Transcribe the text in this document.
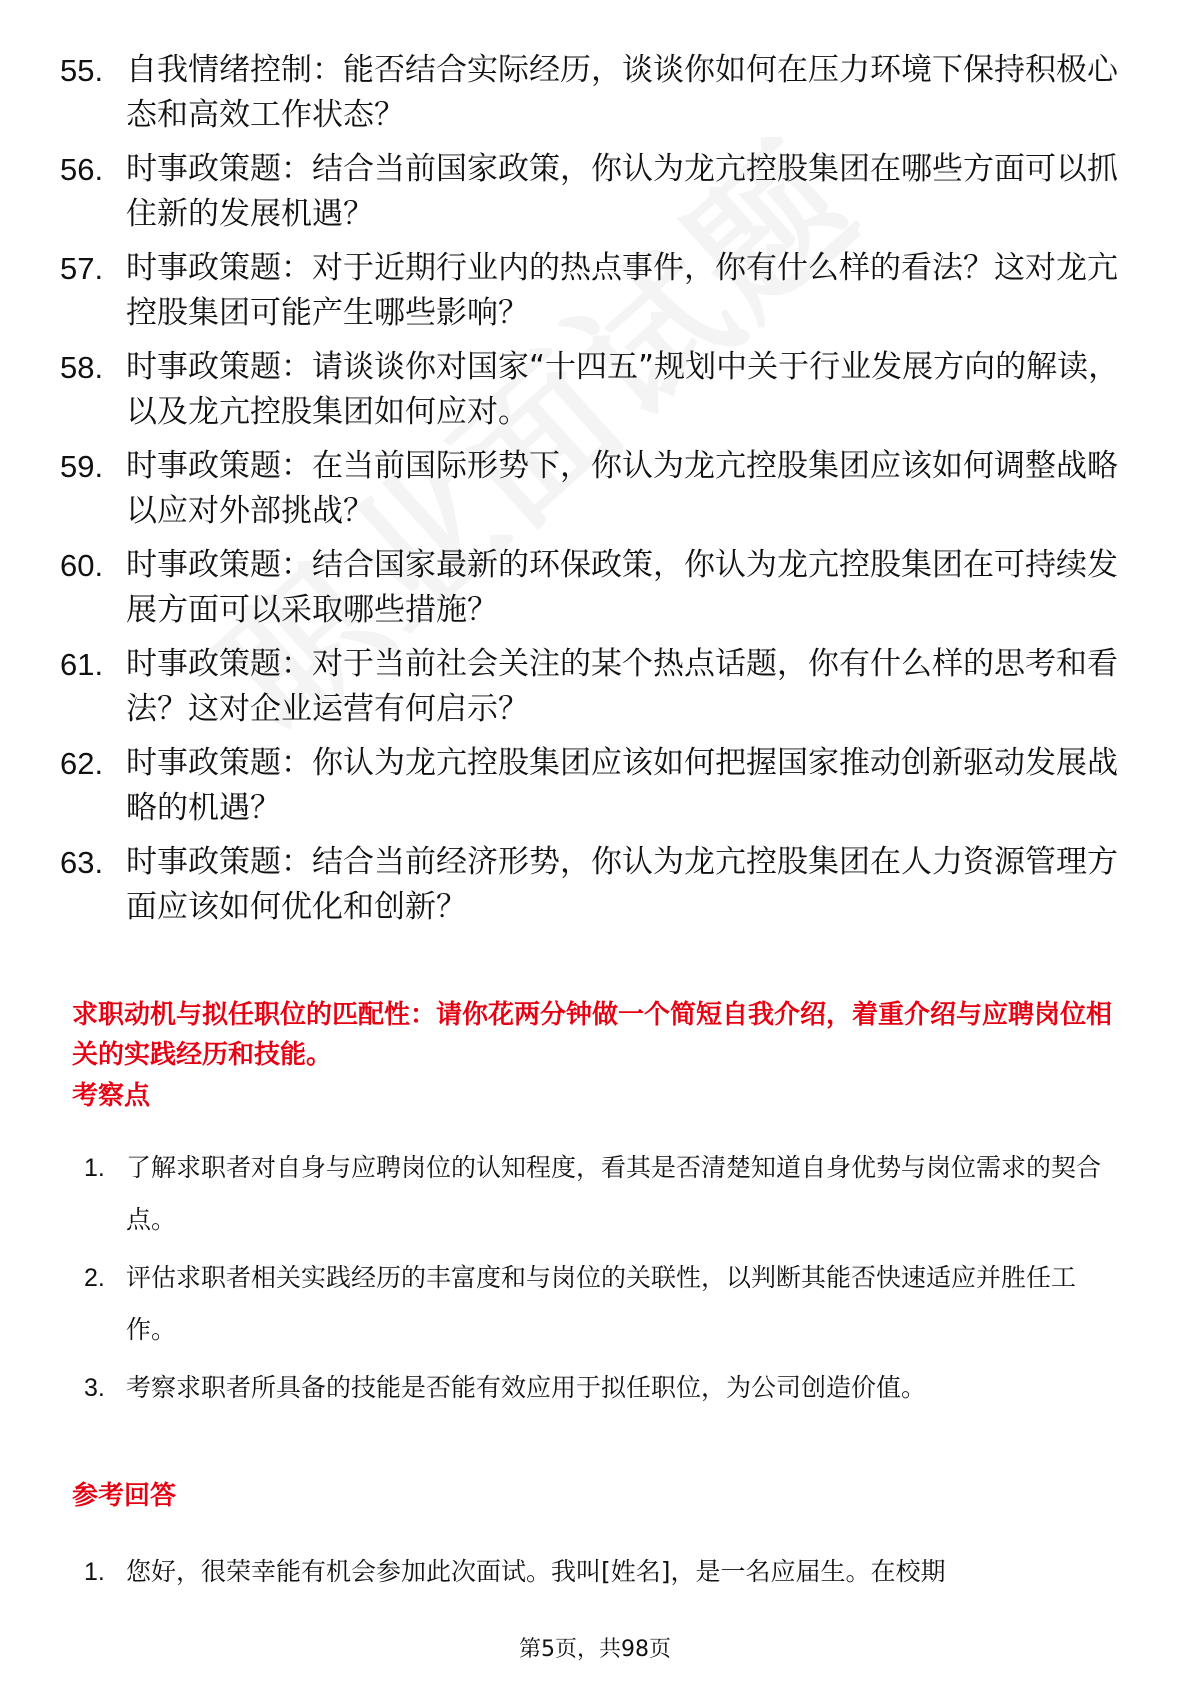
55. 自我情绪控制：能否结合实际经历，谈谈你如何在压力环境下保持积极心态和高效工作状态？
56. 时事政策题：结合当前国家政策，你认为龙亢控股集团在哪些方面可以抓住新的发展机遇？
57. 时事政策题：对于近期行业内的热点事件，你有什么样的看法？这对龙亢控股集团可能产生哪些影响？
58. 时事政策题：请谈谈你对国家“十四五”规划中关于行业发展方向的解读，以及龙亢控股集团如何应对。
59. 时事政策题：在当前国际形势下，你认为龙亢控股集团应该如何调整战略以应对外部挑战？
60. 时事政策题：结合国家最新的环保政策，你认为龙亢控股集团在可持续发展方面可以采取哪些措施？
61. 时事政策题：对于当前社会关注的某个热点话题，你有什么样的思考和看法？这对企业运营有何启示？
62. 时事政策题：你认为龙亢控股集团应该如何把握国家推动创新驱动发展战略的机遇？
63. 时事政策题：结合当前经济形势，你认为龙亢控股集团在人力资源管理方面应该如何优化和创新？
求职动机与拟任职位的匹配性：请你花两分钟做一个简短自我介绍，着重介绍与应聘岗位相关的实践经历和技能。
考察点
1. 了解求职者对自身与应聘岗位的认知程度，看其是否清楚知道自身优势与岗位需求的契合点。
2. 评估求职者相关实践经历的丰富度和与岗位的关联性，以判断其能否快速适应并胜任工作。
3. 考察求职者所具备的技能是否能有效应用于拟任职位，为公司创造价值。
参考回答
1. 您好，很荣幸能有机会参加此次面试。我叫[姓名]，是一名应届生。在校期
第5页，共98页
